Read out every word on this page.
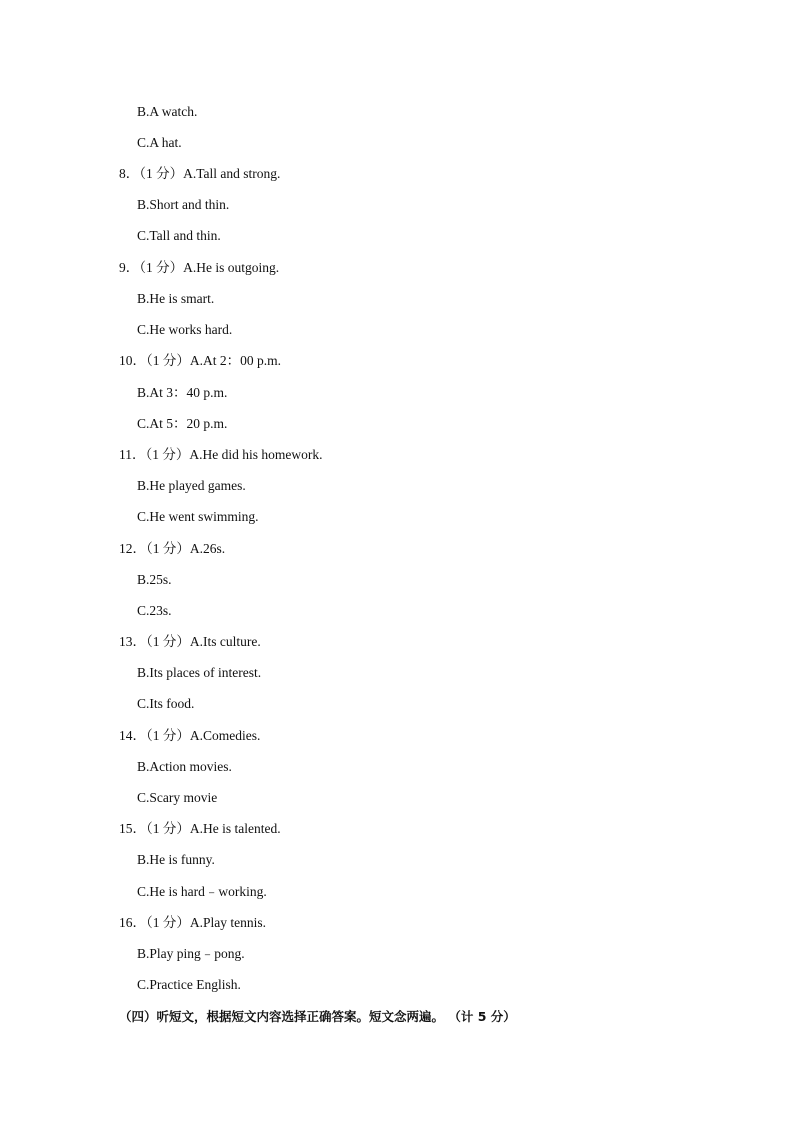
B.A watch.
C.A hat.
8．（1 分）A.Tall and strong.
B.Short and thin.
C.Tall and thin.
9．（1 分）A.He is outgoing.
B.He is smart.
C.He works hard.
10．（1 分）A.At 2：00 p.m.
B.At 3：40 p.m.
C.At 5：20 p.m.
11．（1 分）A.He did his homework.
B.He played games.
C.He went swimming.
12．（1 分）A.26s.
B.25s.
C.23s.
13．（1 分）A.Its culture.
B.Its places of interest.
C.Its food.
14．（1 分）A.Comedies.
B.Action movies.
C.Scary movie
15．（1 分）A.He is talented.
B.He is funny.
C.He is hard﹣working.
16．（1 分）A.Play tennis.
B.Play ping﹣pong.
C.Practice English.
（四）听短文，根据短文内容选择正确答案。短文念两遍。 （计 5 分）
